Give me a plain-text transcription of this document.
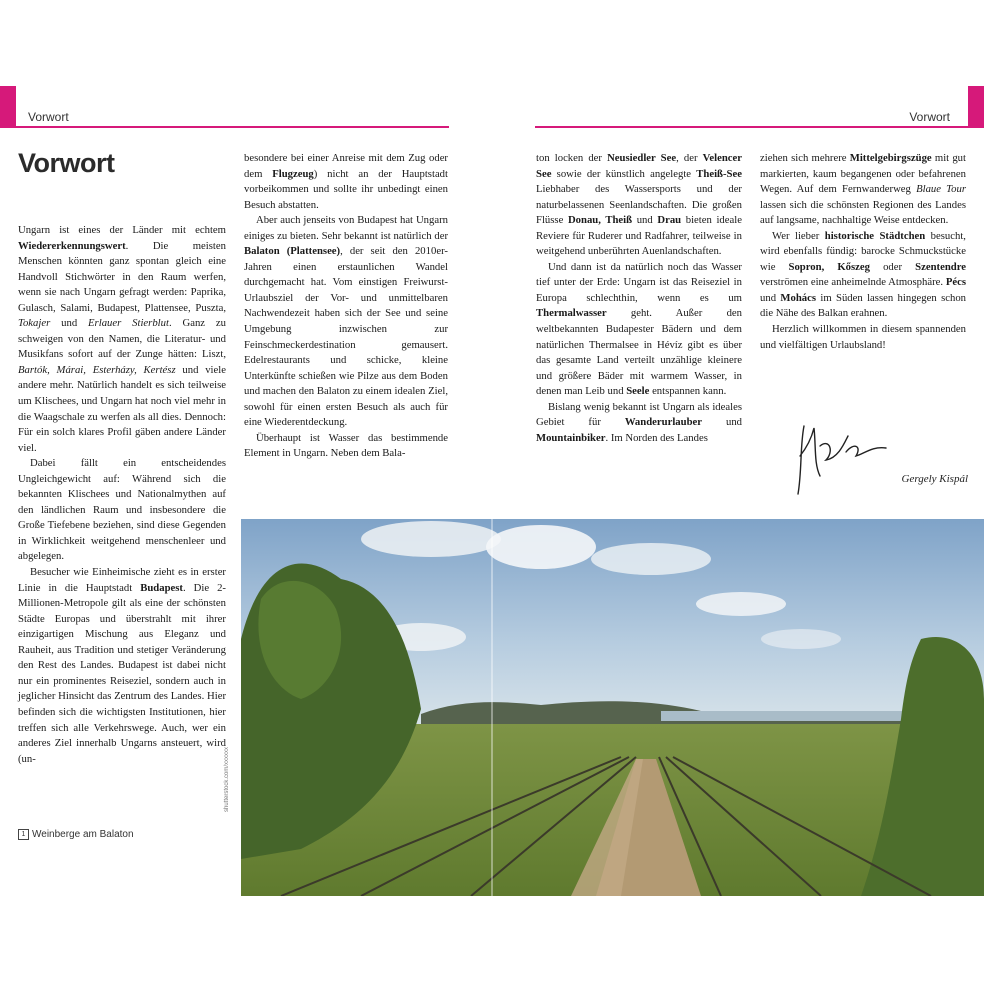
Vorwort	Vorwort
Vorwort

Ungarn ist eines der Länder mit echtem Wiedererkennungswert. Die meisten Menschen könnten ganz spontan gleich eine Handvoll Stichwörter in den Raum werfen, wenn sie nach Ungarn gefragt werden: Paprika, Gulasch, Salami, Budapest, Plattensee, Puszta, Tokajer und Erlauer Stierblut. Ganz zu schweigen von den Namen, die Literatur- und Musikfans sofort auf der Zunge hätten: Liszt, Bartók, Márai, Esterházy, Kertész und viele andere mehr. Natürlich handelt es sich teilweise um Klischees, und Ungarn hat noch viel mehr in die Waagschale zu werfen als all dies. Dennoch: Für ein solch klares Profil gäben andere Länder viel.

Dabei fällt ein entscheidendes Ungleichgewicht auf: Während sich die bekannten Klischees und Nationalmythen auf den ländlichen Raum und insbesondere die Große Tiefebene beziehen, sind diese Gegenden in Wirklichkeit weitgehend menschenleer und abgelegen.

Besucher wie Einheimische zieht es in erster Linie in die Hauptstadt Budapest. Die 2-Millionen-Metropole gilt als eine der schönsten Städte Europas und überstrahlt mit ihrer einzigartigen Mischung aus Eleganz und Rauheit, aus Tradition und stetiger Veränderung den Rest des Landes. Budapest ist dabei nicht nur ein prominentes Reiseziel, sondern auch in jeglicher Hinsicht das Zentrum des Landes. Hier befinden sich die wichtigsten Institutionen, hier treffen sich alle Verkehrswege. Auch, wer ein anderes Ziel innerhalb Ungarns ansteuert, wird (un-

besondere bei einer Anreise mit dem Zug oder dem Flugzeug) nicht an der Hauptstadt vorbeikommen und sollte ihr unbedingt einen Besuch abstatten.

Aber auch jenseits von Budapest hat Ungarn einiges zu bieten. Sehr bekannt ist natürlich der Balaton (Plattensee), der seit den 2010er-Jahren einen erstaunlichen Wandel durchgemacht hat. Vom einstigen Freiwurst-Urlaubsziel der Vor- und unmittelbaren Nachwendezeit haben sich der See und seine Umgebung inzwischen zur Feinschmeckerdestination gemausert. Edelrestaurants und schicke, kleine Unterkünfte schießen wie Pilze aus dem Boden und machen den Balaton zu einem idealen Ziel, sowohl für einen ersten Besuch als auch für eine Wiederentdeckung.

Überhaupt ist Wasser das bestimmende Element in Ungarn. Neben dem Bala-

ton locken der Neusiedler See, der Velencer See sowie der künstlich angelegte Theiß-See Liebhaber des Wassersports und der naturbelassenen Seenlandschaften. Die großen Flüsse Donau, Theiß und Drau bieten ideale Reviere für Ruderer und Radfahrer, teilweise in weitgehend unberührten Auenlandschaften.

Und dann ist da natürlich noch das Wasser tief unter der Erde: Ungarn ist das Reiseziel in Europa schlechthin, wenn es um Thermalwasser geht. Außer den weltbekannten Budapester Bädern und dem natürlichen Thermalsee in Hévíz gibt es über das gesamte Land verteilt unzählige kleinere und größere Bäder mit warmem Wasser, in denen man Leib und Seele entspannen kann.

Bislang wenig bekannt ist Ungarn als ideales Gebiet für Wanderurlauber und Mountainbiker. Im Norden des Landes

ziehen sich mehrere Mittelgebirgszüge mit gut markierten, kaum begangenen oder befahrenen Wegen. Auf dem Fernwanderweg Blaue Tour lassen sich die schönsten Regionen des Landes auf langsame, nachhaltige Weise entdecken.

Wer lieber historische Städtchen besucht, wird ebenfalls fündig: barocke Schmuckstücke wie Sopron, Kőszeg oder Szentendre verströmen eine anheimelnde Atmosphäre. Pécs und Mohács im Süden lassen hingegen schon die Nähe des Balkan erahnen.

Herzlich willkommen in diesem spannenden und vielfältigen Urlaubsland!

Gergely Kispál
shutterstock.com/xxxxxx
1 Weinberge am Balaton
